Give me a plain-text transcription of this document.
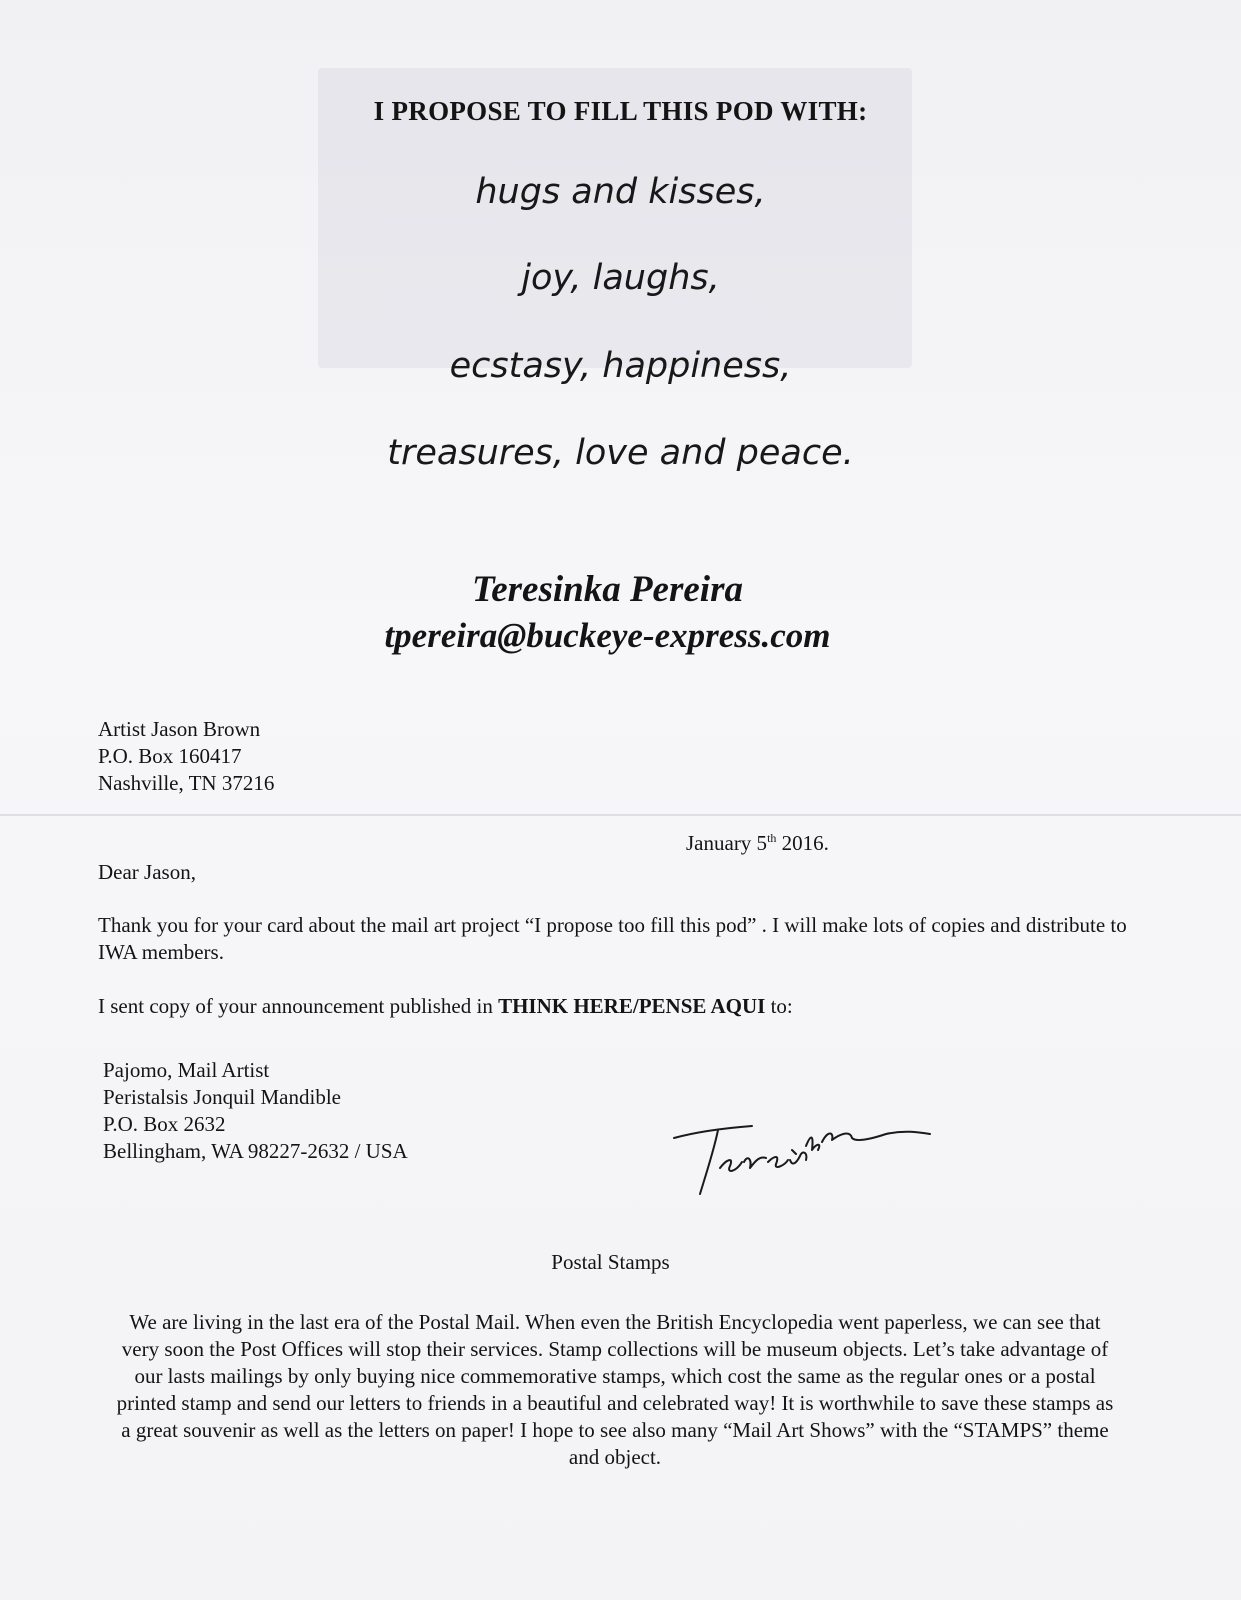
I PROPOSE TO FILL THIS POD WITH:
hugs and kisses,
joy, laughs,
ecstasy, happiness,
treasures, love and peace.
Teresinka Pereira
tpereira@buckeye-express.com
Artist Jason Brown
P.O. Box 160417
Nashville, TN 37216
January 5th 2016.
Dear Jason,
Thank you for your card about the mail art project “I propose too fill this pod” . I will make lots of copies and distribute to IWA members.
I sent copy of your announcement published in THINK HERE/PENSE AQUI to:
Pajomo, Mail Artist
Peristalsis Jonquil Mandible
P.O. Box 2632
Bellingham, WA 98227-2632 / USA
Postal Stamps
We are living in the last era of the Postal Mail. When even the British Encyclopedia went paperless, we can see that very soon the Post Offices will stop their services. Stamp collections will be museum objects. Let’s take advantage of our lasts mailings by only buying nice commemorative stamps, which cost the same as the regular ones or a postal printed stamp and send our letters to friends in a beautiful and celebrated way! It is worthwhile to save these stamps as a great souvenir as well as the letters on paper! I hope to see also many “Mail Art Shows” with the “STAMPS” theme and object.
